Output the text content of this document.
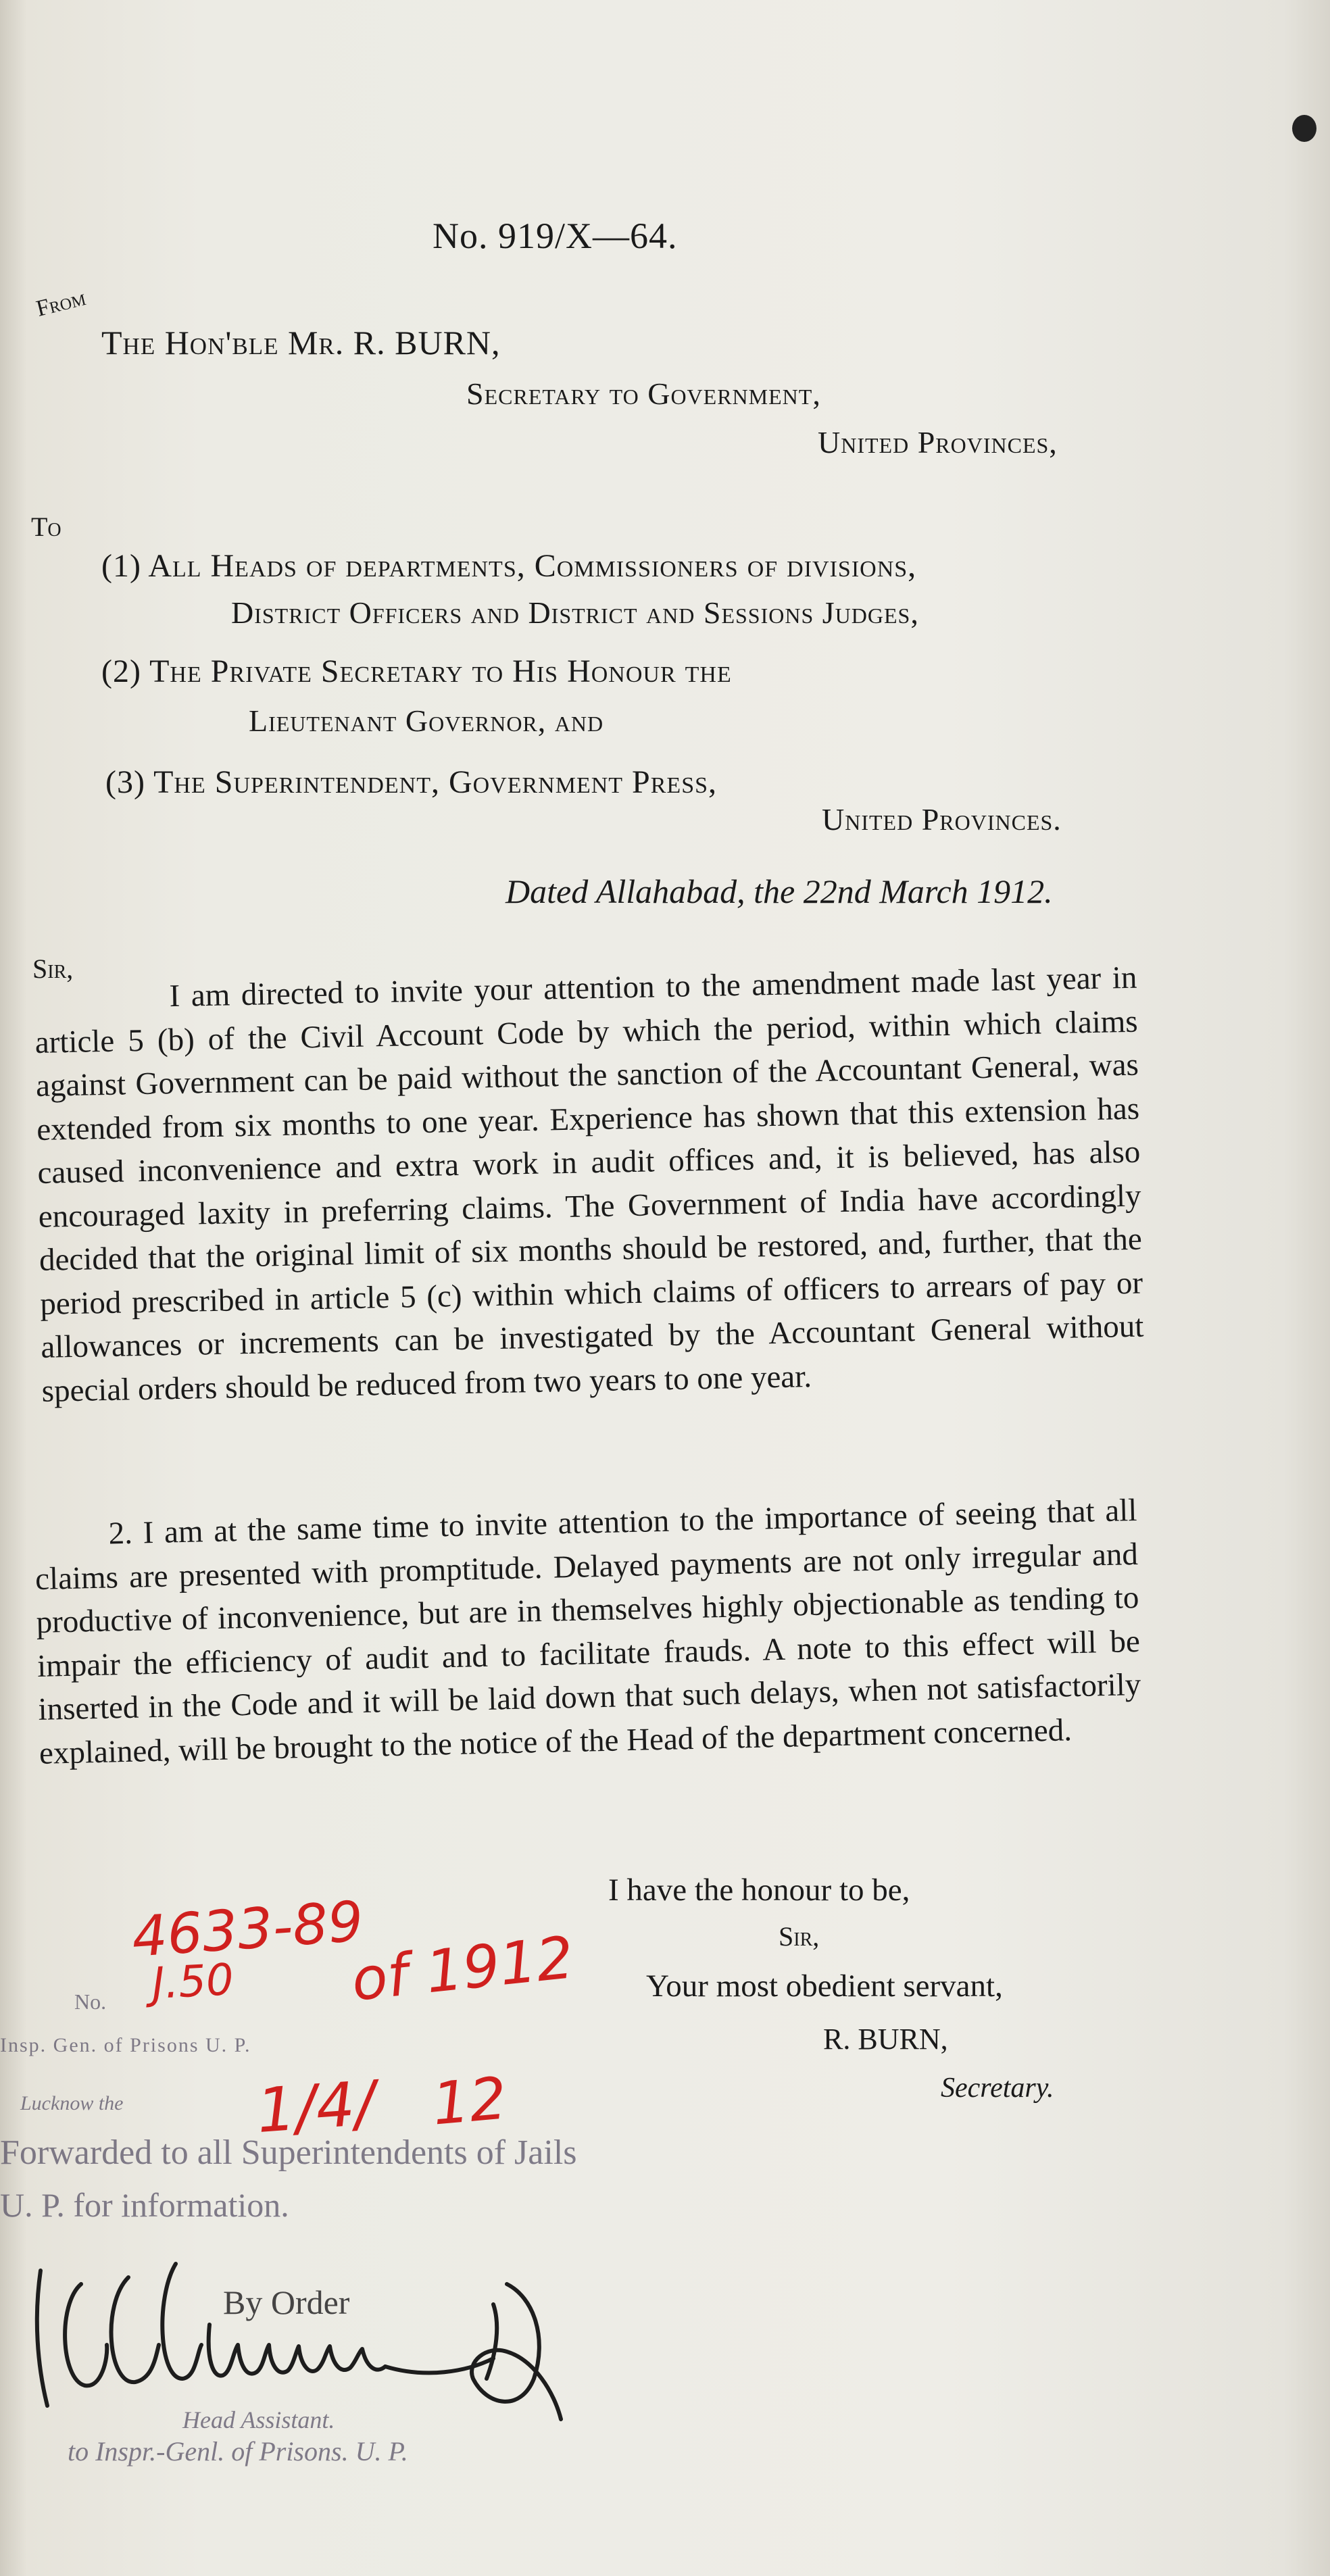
No. 919/X—64.
From
The Hon'ble Mr. R. BURN,
Secretary to Government,
United Provinces,
To
(1) All Heads of departments, Commissioners of divisions,
District Officers and District and Sessions Judges,
(2) The Private Secretary to His Honour the
Lieutenant Governor, and
(3) The Superintendent, Government Press,
United Provinces.
Dated Allahabad, the 22nd March 1912.
Sir,	I am directed to invite your attention to the amendment made last year in article 5 (b) of the Civil Account Code by which the period, within which claims against Government can be paid without the sanction of the Accountant General, was extended from six months to one year. Experience has shown that this extension has caused inconvenience and extra work in audit offices and, it is believed, has also encouraged laxity in preferring claims. The Government of India have accordingly decided that the original limit of six months should be restored, and, further, that the period prescribed in article 5 (c) within which claims of officers to arrears of pay or allowances or increments can be investigated by the Accountant General without special orders should be reduced from two years to one year.
2. I am at the same time to invite attention to the importance of seeing that all claims are presented with promptitude. Delayed payments are not only irregular and productive of inconvenience, but are in themselves highly objectionable as tending to impair the efficiency of audit and to facilitate frauds. A note to this effect will be inserted in the Code and it will be laid down that such delays, when not satisfactorily explained, will be brought to the notice of the Head of the department concerned.
I have the honour to be,
Sir,
Your most obedient servant,
R. BURN,
Secretary.
No.
Insp. Gen. of Prisons U. P.
Lucknow the
Forwarded to all Superintendents of Jails
U. P. for information.
By Order
Head Assistant.
to Inspr.-Genl. of Prisons. U. P.
4633-89
J.50 of 1912
1/4/ 12
